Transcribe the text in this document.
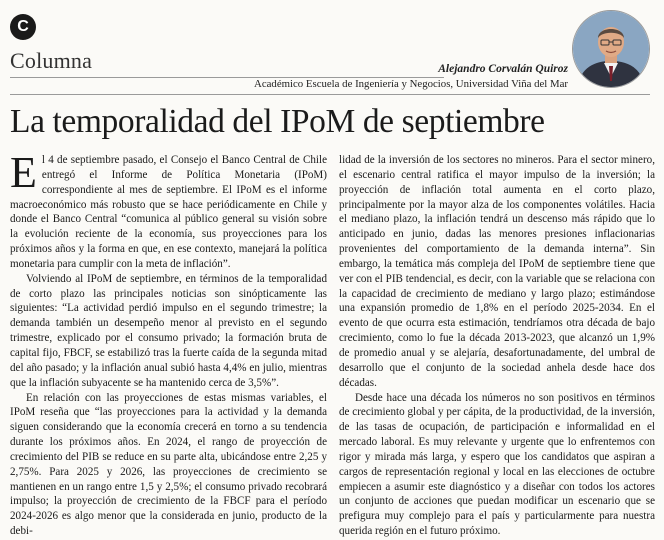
C
Columna	Alejandro Corvalán Quiroz
Académico Escuela de Ingeniería y Negocios, Universidad Viña del Mar
La temporalidad del IPoM de septiembre

El 4 de septiembre pasado, el Consejo el Banco Central de Chile entregó el Informe de Política Monetaria (IPoM) correspondiente al mes de septiembre. El IPoM es el informe macroeconómico más robusto que se hace periódicamente en Chile y donde el Banco Central “comunica al público general su visión sobre la evolución reciente de la economía, sus proyecciones para los próximos años y la forma en que, en ese contexto, manejará la política monetaria para cumplir con la meta de inflación”.

Volviendo al IPoM de septiembre, en términos de la temporalidad de corto plazo las principales noticias son sinópticamente las siguientes: “La actividad perdió impulso en el segundo trimestre; la demanda también un desempeño menor al previsto en el segundo trimestre, explicado por el consumo privado; la formación bruta de capital fijo, FBCF, se estabilizó tras la fuerte caída de la segunda mitad del año pasado; y la inflación anual subió hasta 4,4% en julio, mientras que la inflación subyacente se ha mantenido cerca de 3,5%”.

En relación con las proyecciones de estas mismas variables, el IPoM reseña que “las proyecciones para la actividad y la demanda siguen considerando que la economía crecerá en torno a su tendencia durante los próximos años. En 2024, el rango de proyección de crecimiento del PIB se reduce en su parte alta, ubicándose entre 2,25 y 2,75%. Para 2025 y 2026, las proyecciones de crecimiento se mantienen en un rango entre 1,5 y 2,5%; el consumo privado recobrará impulso; la proyección de crecimiento de la FBCF para el período 2024-2026 es algo menor que la considerada en junio, producto de la debi-

lidad de la inversión de los sectores no mineros. Para el sector minero, el escenario central ratifica el mayor impulso de la inversión; la proyección de inflación total aumenta en el corto plazo, principalmente por la mayor alza de los componentes volátiles. Hacia el mediano plazo, la inflación tendrá un descenso más rápido que lo anticipado en junio, dadas las menores presiones inflacionarias provenientes del comportamiento de la demanda interna”. Sin embargo, la temática más compleja del IPoM de septiembre tiene que ver con el PIB tendencial, es decir, con la variable que se relaciona con la capacidad de crecimiento de mediano y largo plazo; estimándose una expansión promedio de 1,8% en el período 2025-2034. En el evento de que ocurra esta estimación, tendríamos otra década de bajo crecimiento, como lo fue la década 2013-2023, que alcanzó un 1,9% de promedio anual y se alejaría, desafortunadamente, del umbral de desarrollo que el conjunto de la sociedad anhela desde hace dos décadas.

Desde hace una década los números no son positivos en términos de crecimiento global y per cápita, de la productividad, de la inversión, de las tasas de ocupación, de participación e informalidad en el mercado laboral. Es muy relevante y urgente que lo enfrentemos con rigor y mirada más larga, y espero que los candidatos que aspiran a cargos de representación regional y local en las elecciones de octubre empiecen a asumir este diagnóstico y a diseñar con todos los actores un conjunto de acciones que puedan modificar un escenario que se prefigura muy complejo para el país y particularmente para nuestra querida región en el futuro próximo.
